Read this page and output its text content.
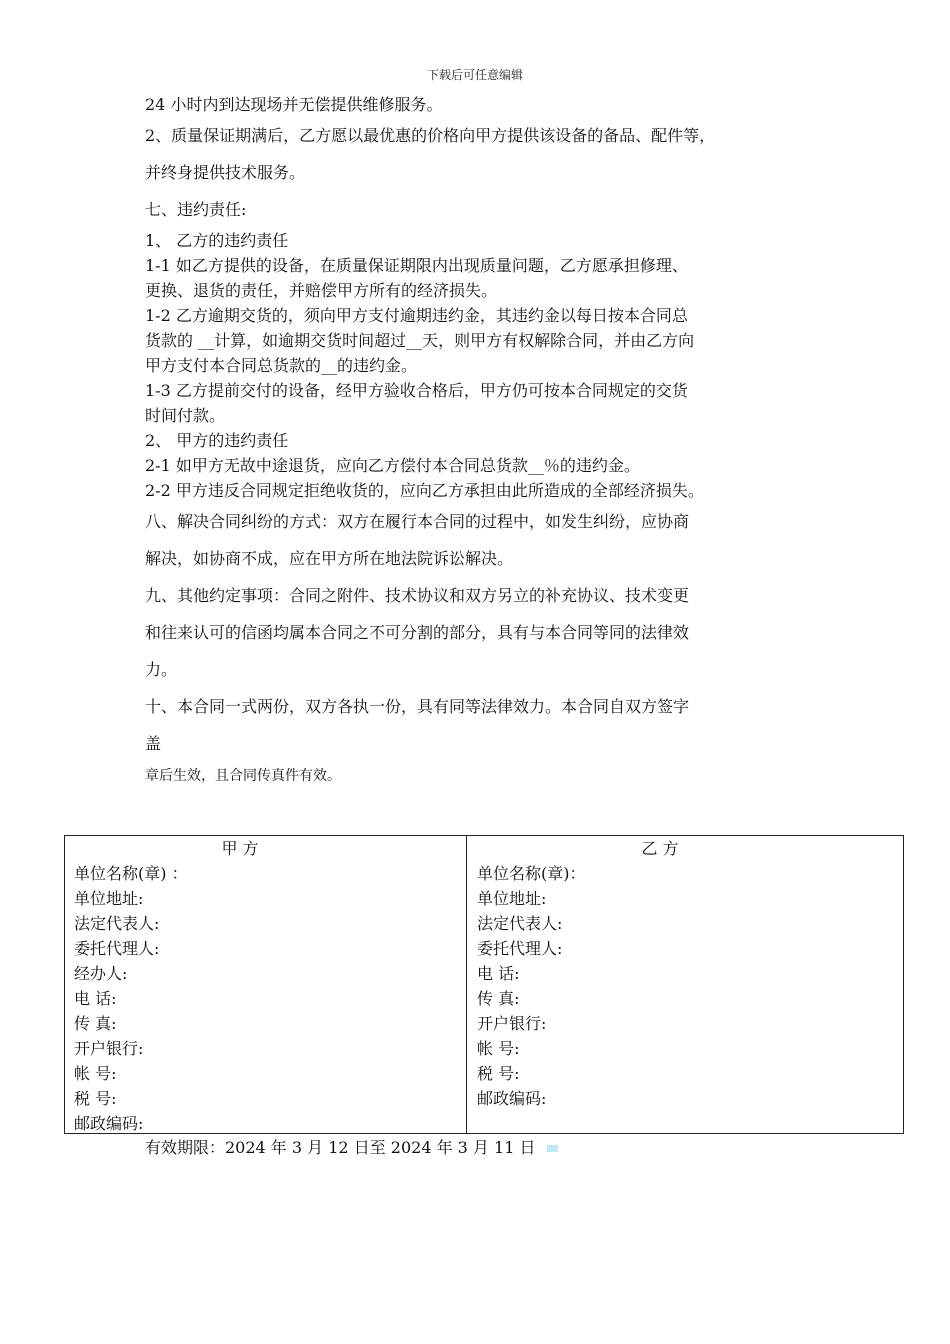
下载后可任意编辑
24 小时内到达现场并无偿提供维修服务。
2、质量保证期满后，乙方愿以最优惠的价格向甲方提供该设备的备品、配件等，
并终身提供技术服务。
七、违约责任:
1、 乙方的违约责任
1-1 如乙方提供的设备，在质量保证期限内出现质量问题，乙方愿承担修理、
更换、退货的责任，并赔偿甲方所有的经济损失。
1-2 乙方逾期交货的，须向甲方支付逾期违约金，其违约金以每日按本合同总
货款的 __计算，如逾期交货时间超过__天，则甲方有权解除合同，并由乙方向
甲方支付本合同总货款的__的违约金。
1-3 乙方提前交付的设备，经甲方验收合格后，甲方仍可按本合同规定的交货
时间付款。
2、 甲方的违约责任
2-1 如甲方无故中途退货，应向乙方偿付本合同总货款__％的违约金。
2-2 甲方违反合同规定拒绝收货的，应向乙方承担由此所造成的全部经济损失。
八、解决合同纠纷的方式：双方在履行本合同的过程中，如发生纠纷，应协商
解决，如协商不成，应在甲方所在地法院诉讼解决。
九、其他约定事项：合同之附件、技术协议和双方另立的补充协议、技术变更
和往来认可的信函均属本合同之不可分割的部分，具有与本合同等同的法律效
力。
十、本合同一式两份，双方各执一份，具有同等法律效力。本合同自双方签字
盖
章后生效，且合同传真件有效。
甲 方
单位名称(章) ：
单位地址:
法定代表人:
委托代理人:
经办人:
电 话:
传 真:
开户银行:
帐 号:
税 号:
邮政编码:
乙 方
单位名称(章)：
单位地址:
法定代表人:
委托代理人:
电 话:
传 真:
开户银行:
帐 号:
税 号:
邮政编码:
有效期限：2024 年 3 月 12 日至 2024 年 3 月 11 日
